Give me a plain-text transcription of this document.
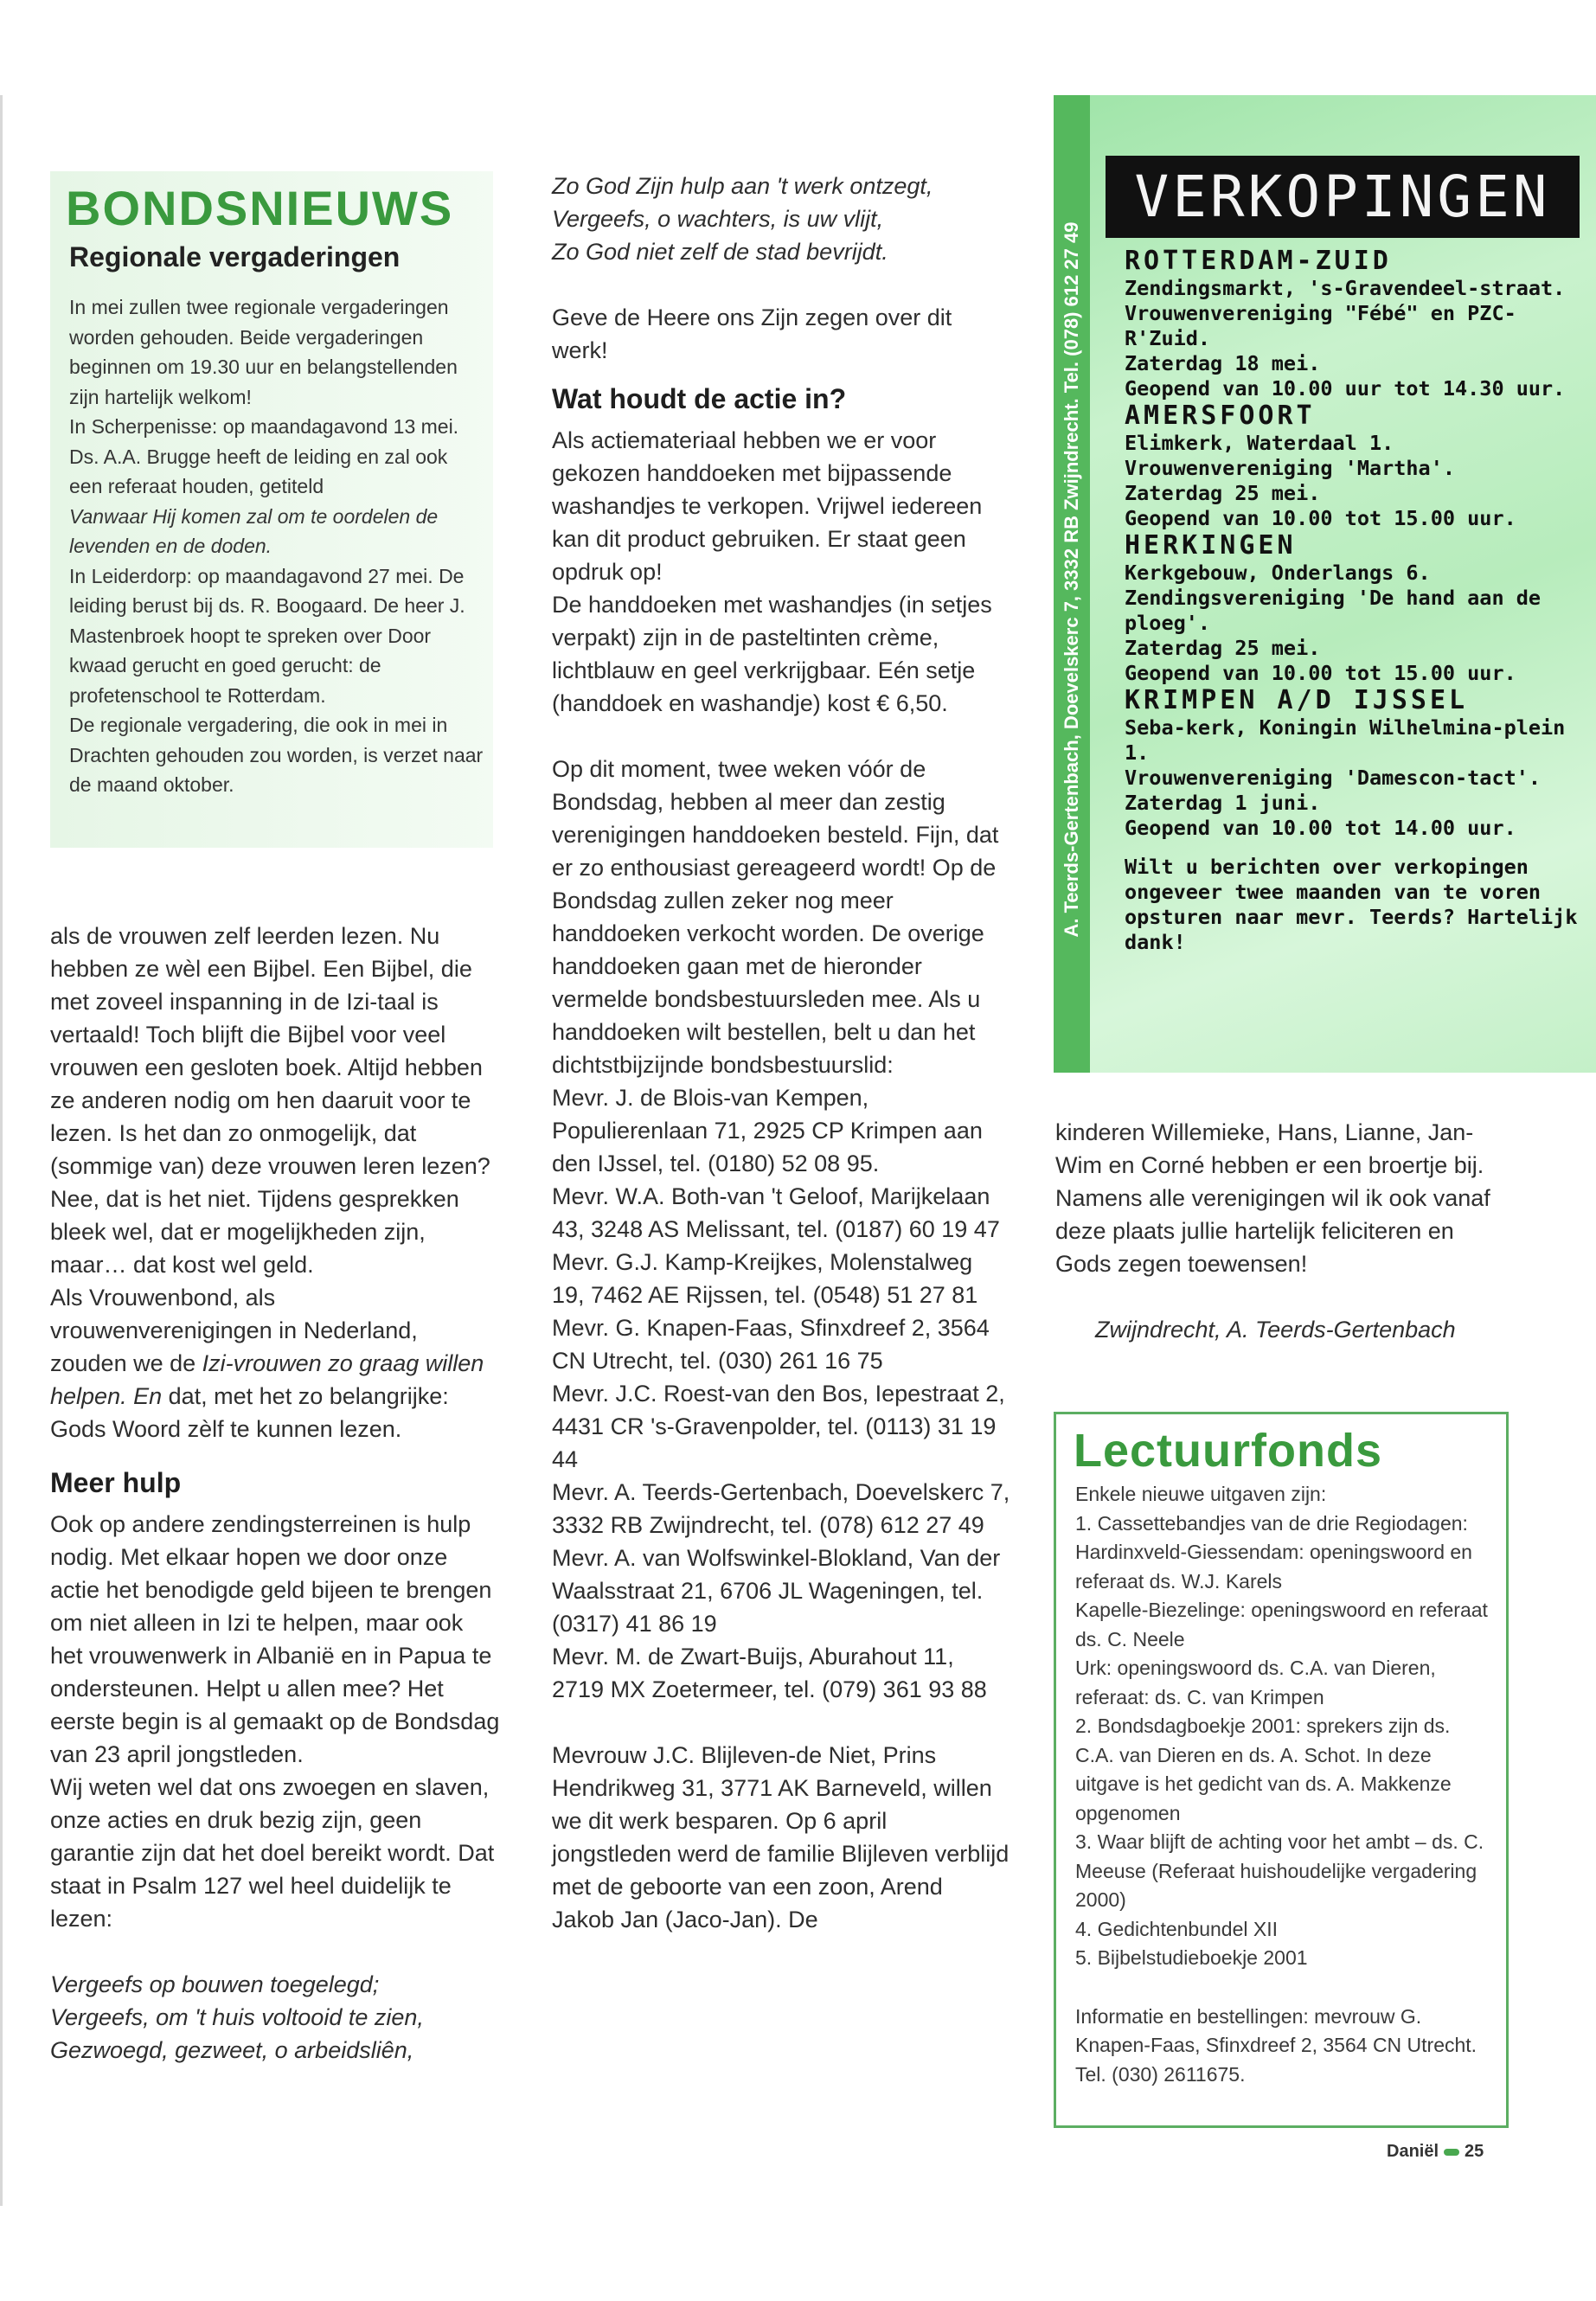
BONDSNIEUWS
Regionale vergaderingen

In mei zullen twee regionale vergaderingen worden gehouden. Beide vergaderingen beginnen om 19.30 uur en belangstellenden zijn hartelijk welkom!

In Scherpenisse: op maandagavond 13 mei. Ds. A.A. Brugge heeft de leiding en zal ook een referaat houden, getiteld

Vanwaar Hij komen zal om te oordelen de levenden en de doden.

In Leiderdorp: op maandagavond 27 mei. De leiding berust bij ds. R. Boogaard. De heer J. Mastenbroek hoopt te spreken over Door kwaad gerucht en goed gerucht: de profetenschool te Rotterdam.

De regionale vergadering, die ook in mei in Drachten gehouden zou worden, is verzet naar de maand oktober.

als de vrouwen zelf leerden lezen. Nu hebben ze wèl een Bijbel. Een Bijbel, die met zoveel inspanning in de Izi-taal is vertaald! Toch blijft die Bijbel voor veel vrouwen een gesloten boek. Altijd hebben ze anderen nodig om hen daaruit voor te lezen. Is het dan zo onmogelijk, dat (sommige van) deze vrouwen leren lezen? Nee, dat is het niet. Tijdens gesprekken bleek wel, dat er mogelijkheden zijn, maar… dat kost wel geld.

Als Vrouwenbond, als vrouwenverenigingen in Nederland, zouden we de Izi-vrouwen zo graag willen helpen. En dat, met het zo belangrijke: Gods Woord zèlf te kunnen lezen.

Meer hulp

Ook op andere zendingsterreinen is hulp nodig. Met elkaar hopen we door onze actie het benodigde geld bijeen te brengen om niet alleen in Izi te helpen, maar ook het vrouwenwerk in Albanië en in Papua te ondersteunen. Helpt u allen mee? Het eerste begin is al gemaakt op de Bondsdag van 23 april jongstleden.

Wij weten wel dat ons zwoegen en slaven, onze acties en druk bezig zijn, geen garantie zijn dat het doel bereikt wordt. Dat staat in Psalm 127 wel heel duidelijk te lezen:

Vergeefs op bouwen toegelegd;

Vergeefs, om 't huis voltooid te zien,

Gezwoegd, gezweet, o arbeidsliên,

Zo God Zijn hulp aan 't werk ontzegt,

Vergeefs, o wachters, is uw vlijt,

Zo God niet zelf de stad bevrijdt.

Geve de Heere ons Zijn zegen over dit werk!

Wat houdt de actie in?

Als actiemateriaal hebben we er voor gekozen handdoeken met bijpassende washandjes te verkopen. Vrijwel iedereen kan dit product gebruiken. Er staat geen opdruk op!

De handdoeken met washandjes (in setjes verpakt) zijn in de pasteltinten crème, lichtblauw en geel verkrijgbaar. Eén setje (handdoek en washandje) kost € 6,50.

Op dit moment, twee weken vóór de Bondsdag, hebben al meer dan zestig verenigingen handdoeken besteld. Fijn, dat er zo enthousiast gereageerd wordt! Op de Bondsdag zullen zeker nog meer handdoeken verkocht worden. De overige handdoeken gaan met de hieronder vermelde bondsbestuursleden mee. Als u handdoeken wilt bestellen, belt u dan het dichtstbijzijnde bondsbestuurslid:

Mevr. J. de Blois-van Kempen, Populierenlaan 71, 2925 CP Krimpen aan den IJssel, tel. (0180) 52 08 95.

Mevr. W.A. Both-van 't Geloof, Marijkelaan 43, 3248 AS Melissant, tel. (0187) 60 19 47

Mevr. G.J. Kamp-Kreijkes, Molenstalweg 19, 7462 AE Rijssen, tel. (0548) 51 27 81

Mevr. G. Knapen-Faas, Sfinxdreef 2, 3564 CN Utrecht, tel. (030) 261 16 75

Mevr. J.C. Roest-van den Bos, Iepestraat 2, 4431 CR 's-Gravenpolder, tel. (0113) 31 19 44

Mevr. A. Teerds-Gertenbach, Doevelskerc 7, 3332 RB Zwijndrecht, tel. (078) 612 27 49

Mevr. A. van Wolfswinkel-Blokland, Van der Waalsstraat 21, 6706 JL Wageningen, tel. (0317) 41 86 19

Mevr. M. de Zwart-Buijs, Aburahout 11, 2719 MX Zoetermeer, tel. (079) 361 93 88

Mevrouw J.C. Blijleven-de Niet, Prins Hendrikweg 31, 3771 AK Barneveld, willen we dit werk besparen. Op 6 april jongstleden werd de familie Blijleven verblijd met de geboorte van een zoon, Arend Jakob Jan (Jaco-Jan). De

A. Teerds-Gertenbach, Doevelskerc 7, 3332 RB Zwijndrecht. Tel. (078) 612 27 49
VERKOPINGEN

ROTTERDAM-ZUID

Zendingsmarkt, 's-Gravendeel-straat.

Vrouwenvereniging "Fébé" en PZC-R'Zuid.

Zaterdag 18 mei.

Geopend van 10.00 uur tot 14.30 uur.

AMERSFOORT

Elimkerk, Waterdaal 1.

Vrouwenvereniging 'Martha'.

Zaterdag 25 mei.

Geopend van 10.00 tot 15.00 uur.

HERKINGEN

Kerkgebouw, Onderlangs 6.

Zendingsvereniging 'De hand aan de ploeg'.

Zaterdag 25 mei.

Geopend van 10.00 tot 15.00 uur.

KRIMPEN A/D IJSSEL

Seba-kerk, Koningin Wilhelmina-plein 1.

Vrouwenvereniging 'Damescon-tact'.

Zaterdag 1 juni.

Geopend van 10.00 tot 14.00 uur.

Wilt u berichten over verkopingen ongeveer twee maanden van te voren opsturen naar mevr. Teerds? Hartelijk dank!

kinderen Willemieke, Hans, Lianne, Jan-Wim en Corné hebben er een broertje bij. Namens alle verenigingen wil ik ook vanaf deze plaats jullie hartelijk feliciteren en Gods zegen toewensen!

Zwijndrecht, A. Teerds-Gertenbach

Lectuurfonds

Enkele nieuwe uitgaven zijn:

1. Cassettebandjes van de drie Regiodagen:

Hardinxveld-Giessendam: openingswoord en referaat ds. W.J. Karels

Kapelle-Biezelinge: openingswoord en referaat ds. C. Neele

Urk: openingswoord ds. C.A. van Dieren, referaat: ds. C. van Krimpen

2. Bondsdagboekje 2001: sprekers zijn ds. C.A. van Dieren en ds. A. Schot. In deze uitgave is het gedicht van ds. A. Makkenze opgenomen

3. Waar blijft de achting voor het ambt – ds. C. Meeuse (Referaat huishoudelijke vergadering 2000)

4. Gedichtenbundel XII

5. Bijbelstudieboekje 2001

Informatie en bestellingen: mevrouw G. Knapen-Faas, Sfinxdreef 2, 3564 CN Utrecht. Tel. (030) 2611675.

Daniël 25
